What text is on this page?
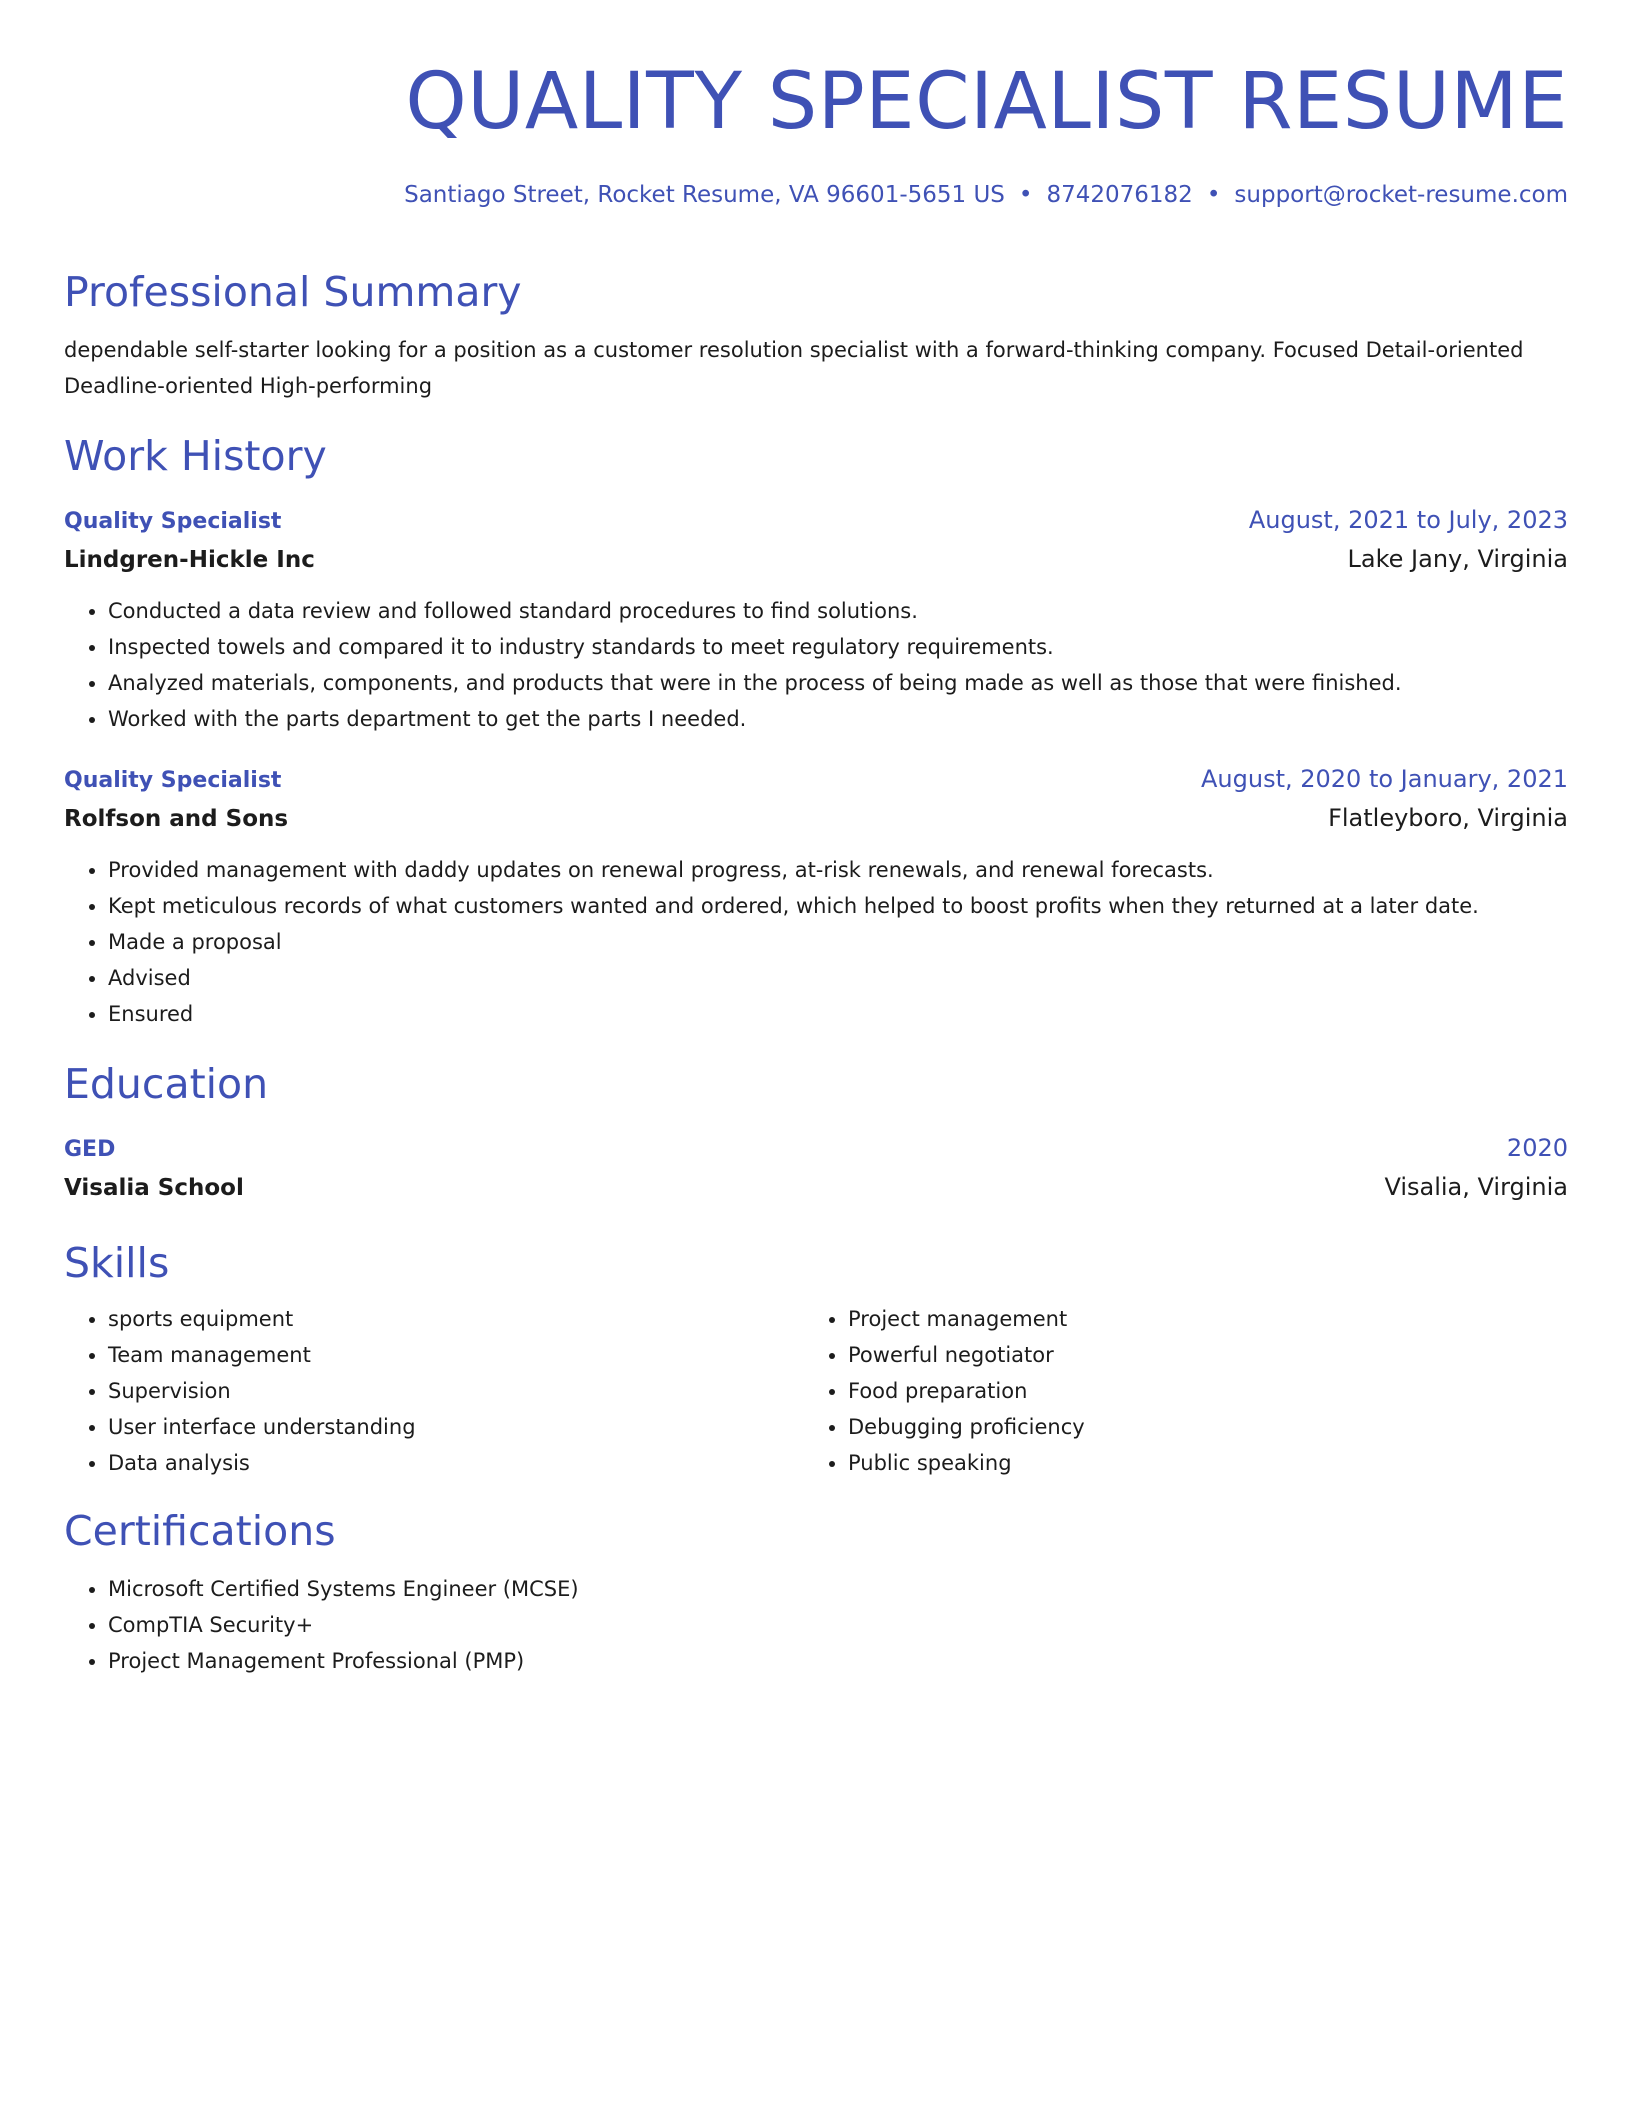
QUALITY SPECIALIST RESUME
Santiago Street, Rocket Resume, VA 96601-5651 US • 8742076182 • support@rocket-resume.com
Professional Summary
dependable self-starter looking for a position as a customer resolution specialist with a forward-thinking company. Focused Detail-oriented Deadline-oriented High-performing
Work History
Quality Specialist	August, 2021 to July, 2023
Lindgren-Hickle Inc	Lake Jany, Virginia
• Conducted a data review and followed standard procedures to find solutions.
• Inspected towels and compared it to industry standards to meet regulatory requirements.
• Analyzed materials, components, and products that were in the process of being made as well as those that were finished.
• Worked with the parts department to get the parts I needed.
Quality Specialist	August, 2020 to January, 2021
Rolfson and Sons	Flatleyboro, Virginia
• Provided management with daddy updates on renewal progress, at-risk renewals, and renewal forecasts.
• Kept meticulous records of what customers wanted and ordered, which helped to boost profits when they returned at a later date.
• Made a proposal
• Advised
• Ensured
Education
GED	2020
Visalia School	Visalia, Virginia
Skills
• sports equipment
• Team management
• Supervision
• User interface understanding
• Data analysis
• Project management
• Powerful negotiator
• Food preparation
• Debugging proficiency
• Public speaking
Certifications
• Microsoft Certified Systems Engineer (MCSE)
• CompTIA Security+
• Project Management Professional (PMP)
